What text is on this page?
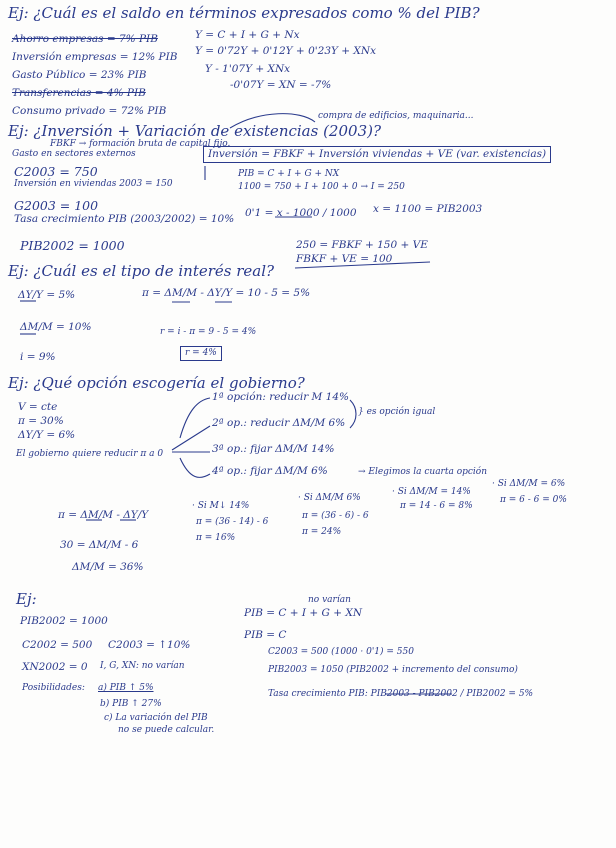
Ej: ¿Cuál es el saldo en términos expresados como % del PIB?
Ahorro empresas = 7% PIB
Inversión empresas = 12% PIB
Gasto Público = 23% PIB
Transferencias = 4% PIB
Consumo privado = 72% PIB
Y = C + I + G + Nx
Y = 0'72Y + 0'12Y + 0'23Y + XNx
Y - 1'07Y + XNx
-0'07Y = XN = -7%
Ej: ¿Inversión + Variación de existencias (2003)?
compra de edificios, maquinaria...
FBKF → formación bruta de capital fijo.
Gasto en sectores externos	Inversión = FBKF + Inversión viviendas + VE (var. existencias)
C2003 = 750
Inversión en viviendas 2003 = 150
G2003 = 100
Tasa crecimiento PIB (2003/2002) = 10%
PIB2002 = 1000
PIB = C + I + G + NX
1100 = 750 + I + 100 + 0 → I = 250
0'1 = x - 1000 / 1000 x = 1100 = PIB2003
250 = FBKF + 150 + VE
FBKF + VE = 100
Ej: ¿Cuál es el tipo de interés real?
ΔY/Y = 5%
ΔM/M = 10%
i = 9%
π = ΔM/M - ΔY/Y = 10 - 5 = 5%
r = i - π = 9 - 5 = 4%
r = 4%
Ej: ¿Qué opción escogería el gobierno?
V = cte
π = 30%
ΔY/Y = 6%
El gobierno quiere reducir π a 0
1ª opción: reducir M 14%
2ª op.: reducir ΔM/M 6%
3ª op.: fijar ΔM/M 14%
4ª op.: fijar ΔM/M 6%
} es opción igual
→ Elegimos la cuarta opción
π = ΔM/M - ΔY/Y
30 = ΔM/M - 6
ΔM/M = 36%
· Si M↓ 14%
π = (36 - 14) - 6
π = 16%
· Si ΔM/M 6%
π = (36 - 6) - 6
π = 24%
· Si ΔM/M = 14%
π = 14 - 6 = 8%
· Si ΔM/M = 6%
π = 6 - 6 = 0%
Ej:
PIB2002 = 1000
C2002 = 500 C2003 = ↑10%
XN2002 = 0 I, G, XN: no varían
Posibilidades: a) PIB ↑ 5%
b) PIB ↑ 27%
c) La variación del PIB
no se puede calcular.
no varían
PIB = C + I + G + XN
PIB = C
C2003 = 500 (1000 · 0'1) = 550
PIB2003 = 1050 (PIB2002 + incremento del consumo)
Tasa crecimiento PIB: PIB2003 - PIB2002 / PIB2002 = 5%
